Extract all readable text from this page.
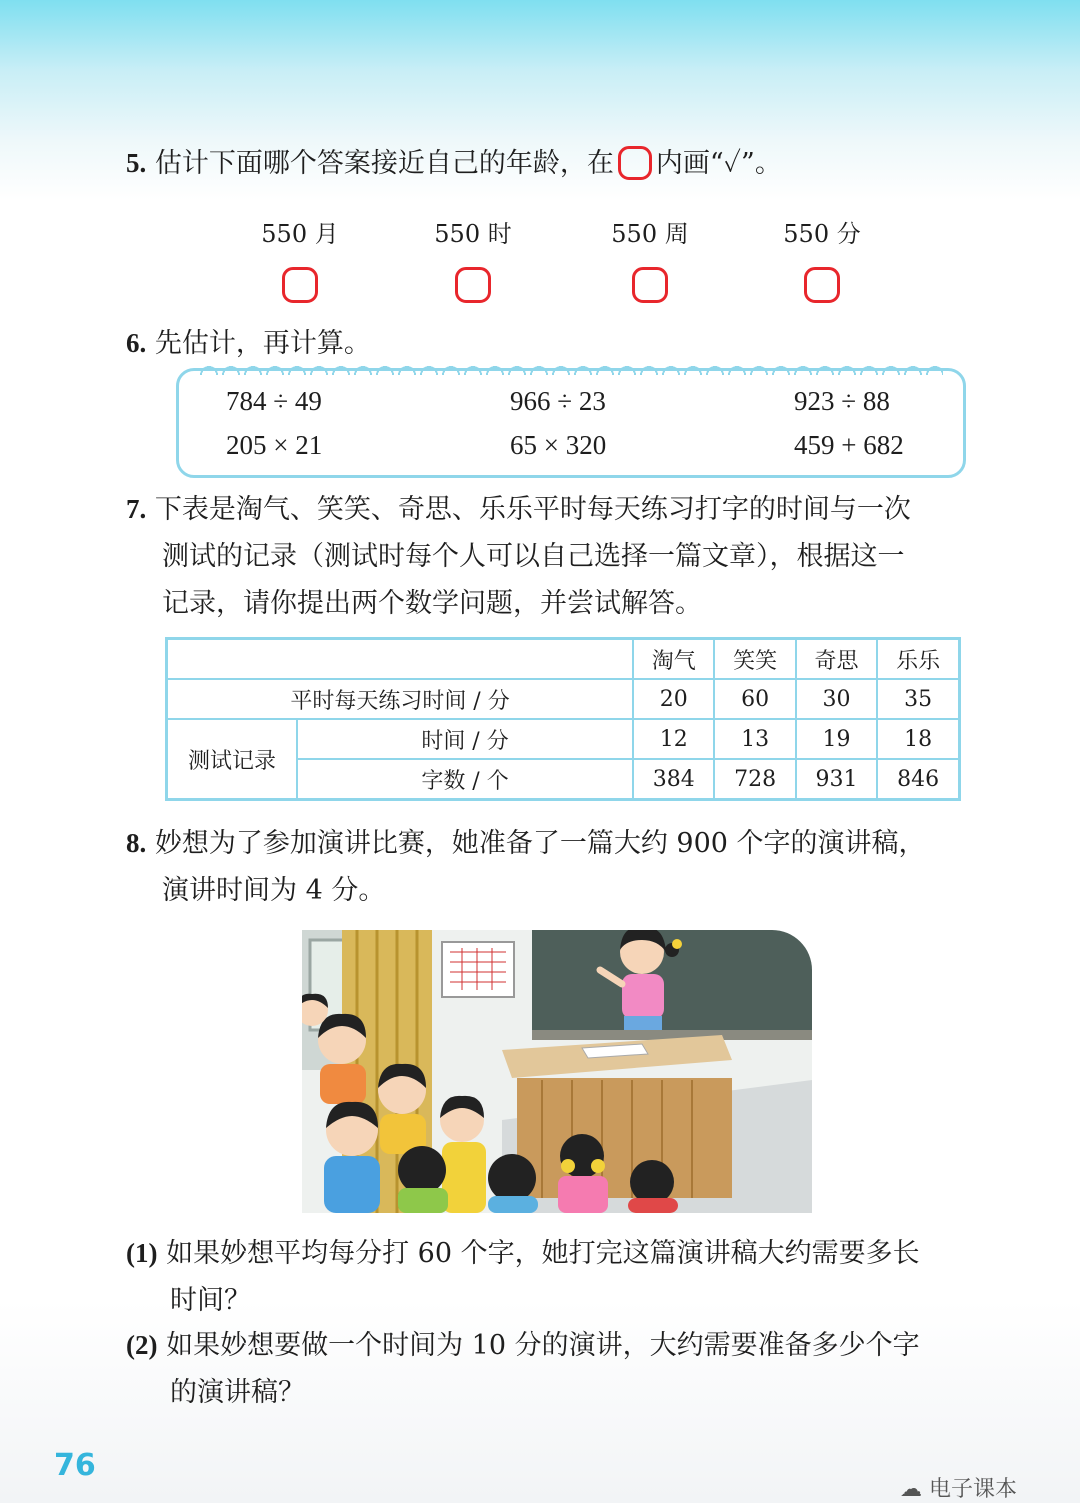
5. 估计下面哪个答案接近自己的年龄，在 内画“✓”。
550 月	550 时	550 周	550 分
6. 先估计，再计算。
784 ÷ 49	966 ÷ 23	923 ÷ 88
205 × 21	65 × 320	459 + 682
7. 下表是淘气、笑笑、奇思、乐乐平时每天练习打字的时间与一次
测试的记录（测试时每个人可以自己选择一篇文章），根据这一
记录，请你提出两个数学问题，并尝试解答。
		淘气	笑笑	奇思	乐乐
平时每天练习时间 / 分		20	60	30	35
测试记录	时间 / 分	12	13	19	18
	字数 / 个	384	728	931	846
8. 妙想为了参加演讲比赛，她准备了一篇大约 900 个字的演讲稿，
演讲时间为 4 分。
(1) 如果妙想平均每分打 60 个字，她打完这篇演讲稿大约需要多长
时间？
(2) 如果妙想要做一个时间为 10 分的演讲，大约需要准备多少个字
的演讲稿？
76
☁ 电子课本
